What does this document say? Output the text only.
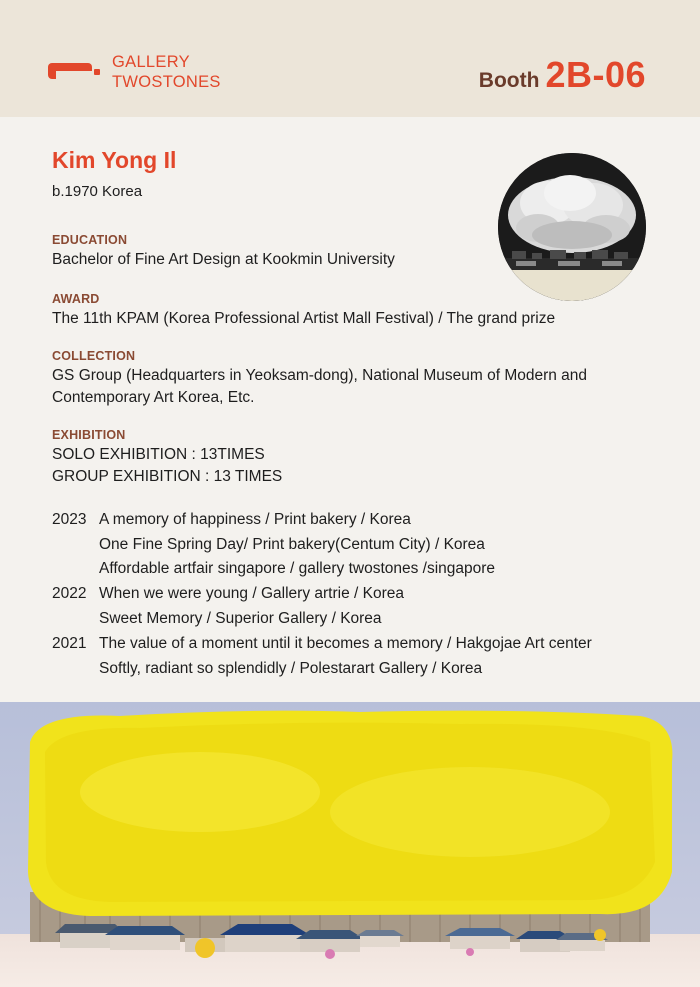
GALLERY
TWOSTONES	Booth 2B-06
Kim Yong Il
b.1970 Korea
EDUCATION
Bachelor of Fine Art Design at Kookmin University
AWARD
The 11th KPAM (Korea Professional Artist Mall Festival) / The grand prize
COLLECTION
GS Group (Headquarters in Yeoksam-dong), National Museum of Modern and
Contemporary Art Korea, Etc.
EXHIBITION
SOLO EXHIBITION : 13TIMES
GROUP EXHIBITION : 13 TIMES
2023 A memory of happiness / Print bakery / Korea
One Fine Spring Day/ Print bakery(Centum City) / Korea
Affordable artfair singapore / gallery twostones /singapore
2022 When we were young / Gallery artrie / Korea
Sweet Memory / Superior Gallery / Korea
2021 The value of a moment until it becomes a memory / Hakgojae Art center
Softly, radiant so splendidly / Polestarart Gallery / Korea
